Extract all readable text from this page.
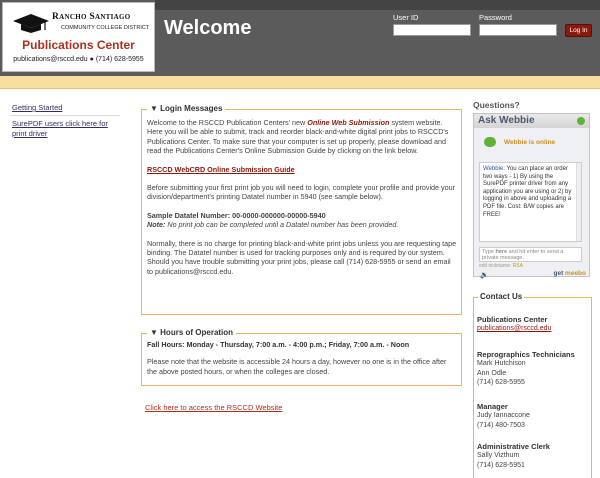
Rancho Santiago
COMMUNITY COLLEGE DISTRICT
Publications Center
publications@rsccd.edu ● (714) 628-5955
Welcome	User ID	Password
Log In
Getting Started
SurePDF users click here for print driver
▼ Login Messages

Welcome to the RSCCD Publication Centers' new Online Web Submission system website. Here you will be able to submit, track and reorder black-and-white digital print jobs to RSCCD's Publications Center. To make sure that your computer is set up properly, please download and read the Publications Center's Online Submission Guide by clicking on the link below.

RSCCD WebCRD Online Submission Guide

Before submitting your first print job you will need to login, complete your profile and provide your division/department's printing Datatel number in 5940 (see sample below).

Sample Datatel Number: 00-0000-000000-00000-5940
Note: No print job can be completed until a Datatel number has been provided.

Normally, there is no charge for printing black-and-white print jobs unless you are requesting tape binding. The Datatel number is used for tracking purposes only and is required by our system. Should you have trouble submitting your print jobs, please call (714) 628-5955 or send an email to publications@rsccd.edu.

▼ Hours of Operation

Fall Hours: Monday - Thursday, 7:00 a.m. - 4:00 p.m.; Friday, 7:00 a.m. - Noon

Please note that the website is accessible 24 hours a day, however no one is in the office after the above posted hours, or when the colleges are closed.

Click here to access the RSCCD Website
Questions?
Ask Webbie
Webbie is online
Webbie: You can place an order two ways - 1) By using the SurePDF printer driver from any application you are using or 2) by logging in above and uploading a PDF file. Cost: B/W copies are FREE!
Type here and hit enter to send a private message.
edit nickname: RSA
🔉	get meebo
Contact Us
Publications Center
publications@rsccd.edu
Reprographics Technicians
Mark Hutchison
Ann Odle
(714) 628-5955
Manager
Judy Iannaccone
(714) 480-7503
Administrative Clerk
Sally Vizthum
(714) 628-5951
